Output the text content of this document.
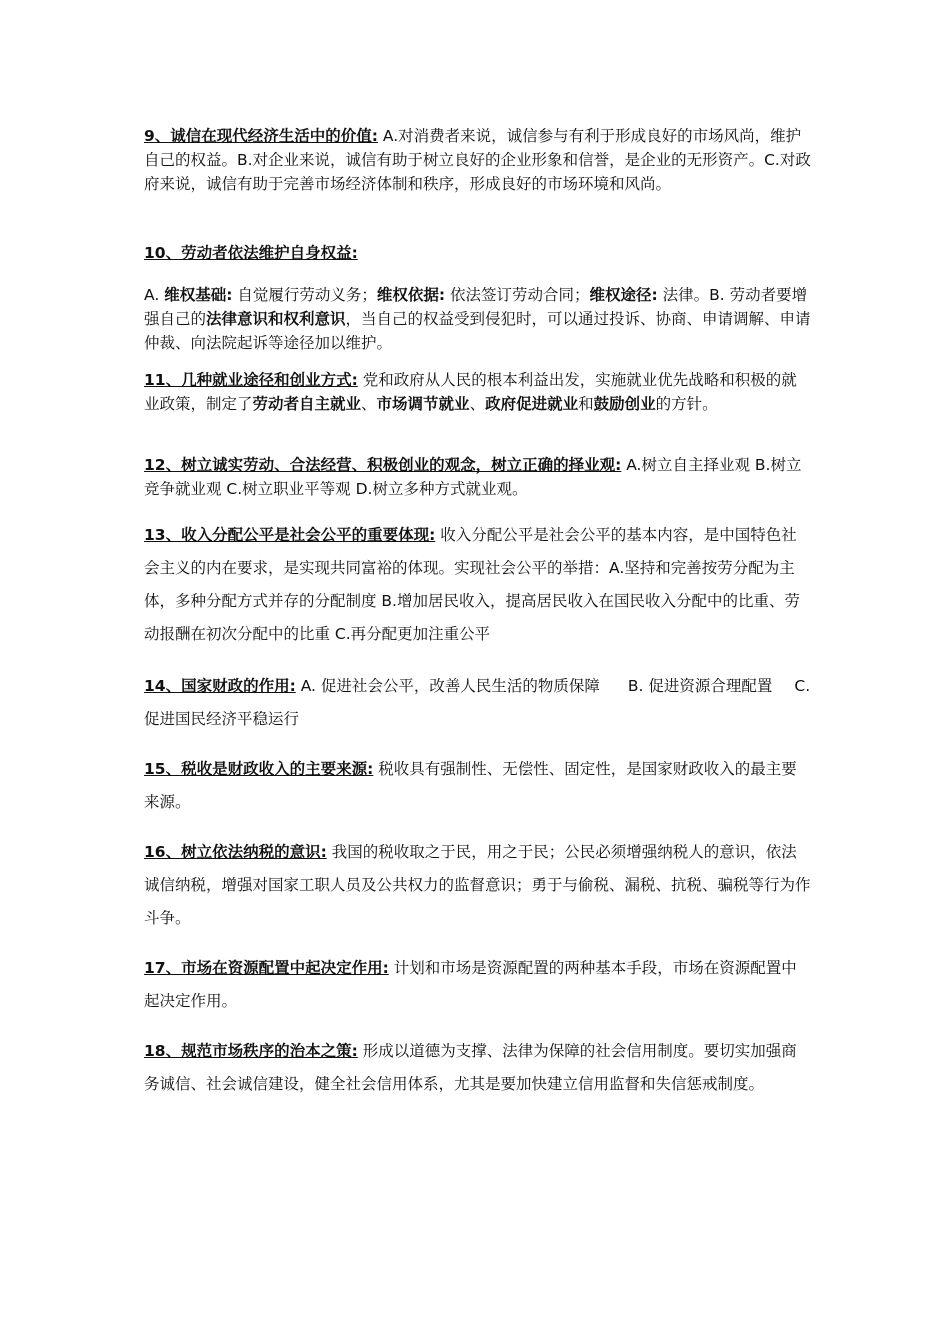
9、诚信在现代经济生活中的价值: A.对消费者来说，诚信参与有利于形成良好的市场风尚，维护自己的权益。B.对企业来说，诚信有助于树立良好的企业形象和信誉，是企业的无形资产。C.对政府来说，诚信有助于完善市场经济体制和秩序，形成良好的市场环境和风尚。

10、劳动者依法维护自身权益:

A. 维权基础: 自觉履行劳动义务；维权依据: 依法签订劳动合同；维权途径: 法律。B. 劳动者要增强自己的法律意识和权利意识，当自己的权益受到侵犯时，可以通过投诉、协商、申请调解、申请仲裁、向法院起诉等途径加以维护。

11、几种就业途径和创业方式: 党和政府从人民的根本利益出发，实施就业优先战略和积极的就业政策，制定了劳动者自主就业、市场调节就业、政府促进就业和鼓励创业的方针。

12、树立诚实劳动、合法经营、积极创业的观念，树立正确的择业观: A.树立自主择业观 B.树立竞争就业观 C.树立职业平等观 D.树立多种方式就业观。

13、收入分配公平是社会公平的重要体现: 收入分配公平是社会公平的基本内容，是中国特色社会主义的内在要求，是实现共同富裕的体现。实现社会公平的举措：A.坚持和完善按劳分配为主体，多种分配方式并存的分配制度 B.增加居民收入，提高居民收入在国民收入分配中的比重、劳动报酬在初次分配中的比重 C.再分配更加注重公平

14、国家财政的作用: A. 促进社会公平，改善人民生活的物质保障 B. 促进资源合理配置 C. 促进国民经济平稳运行

15、税收是财政收入的主要来源: 税收具有强制性、无偿性、固定性，是国家财政收入的最主要来源。

16、树立依法纳税的意识: 我国的税收取之于民，用之于民；公民必须增强纳税人的意识，依法诚信纳税，增强对国家工职人员及公共权力的监督意识；勇于与偷税、漏税、抗税、骗税等行为作斗争。

17、市场在资源配置中起决定作用: 计划和市场是资源配置的两种基本手段，市场在资源配置中起决定作用。

18、规范市场秩序的治本之策: 形成以道德为支撑、法律为保障的社会信用制度。要切实加强商务诚信、社会诚信建设，健全社会信用体系，尤其是要加快建立信用监督和失信惩戒制度。
